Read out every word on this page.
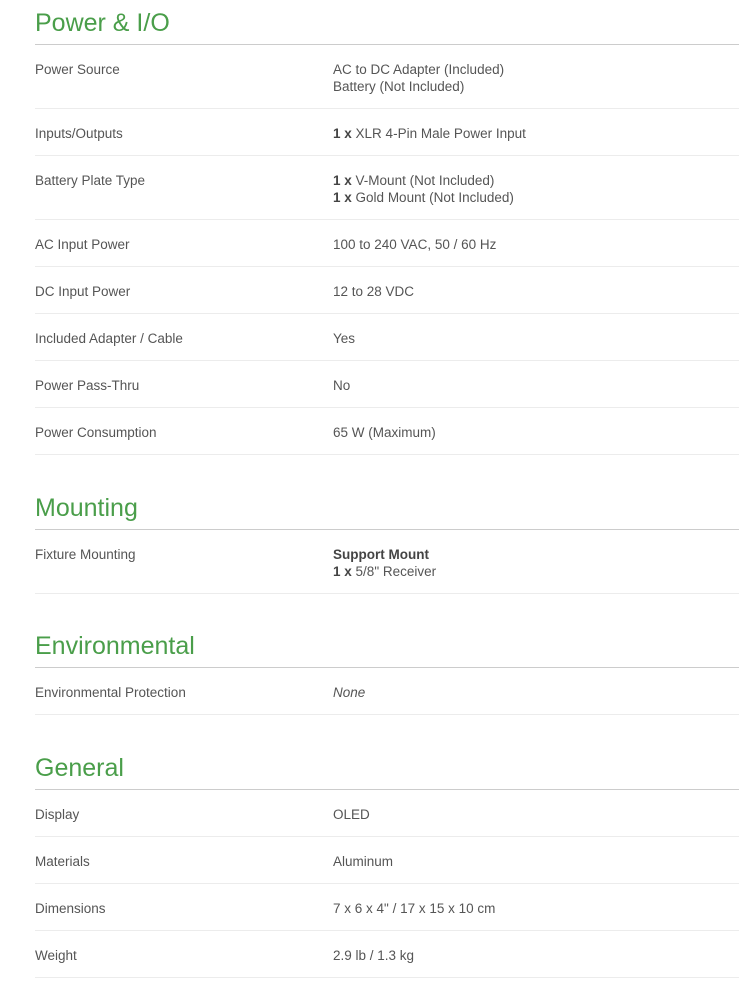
Power & I/O
Power Source	AC to DC Adapter (Included)
Battery (Not Included)
Inputs/Outputs	1 x XLR 4-Pin Male Power Input
Battery Plate Type	1 x V-Mount (Not Included)
1 x Gold Mount (Not Included)
AC Input Power	100 to 240 VAC, 50 / 60 Hz
DC Input Power	12 to 28 VDC
Included Adapter / Cable	Yes
Power Pass-Thru	No
Power Consumption	65 W (Maximum)
Mounting
Fixture Mounting	Support Mount
1 x 5/8" Receiver
Environmental
Environmental Protection	None
General
Display	OLED
Materials	Aluminum
Dimensions	7 x 6 x 4" / 17 x 15 x 10 cm
Weight	2.9 lb / 1.3 kg
